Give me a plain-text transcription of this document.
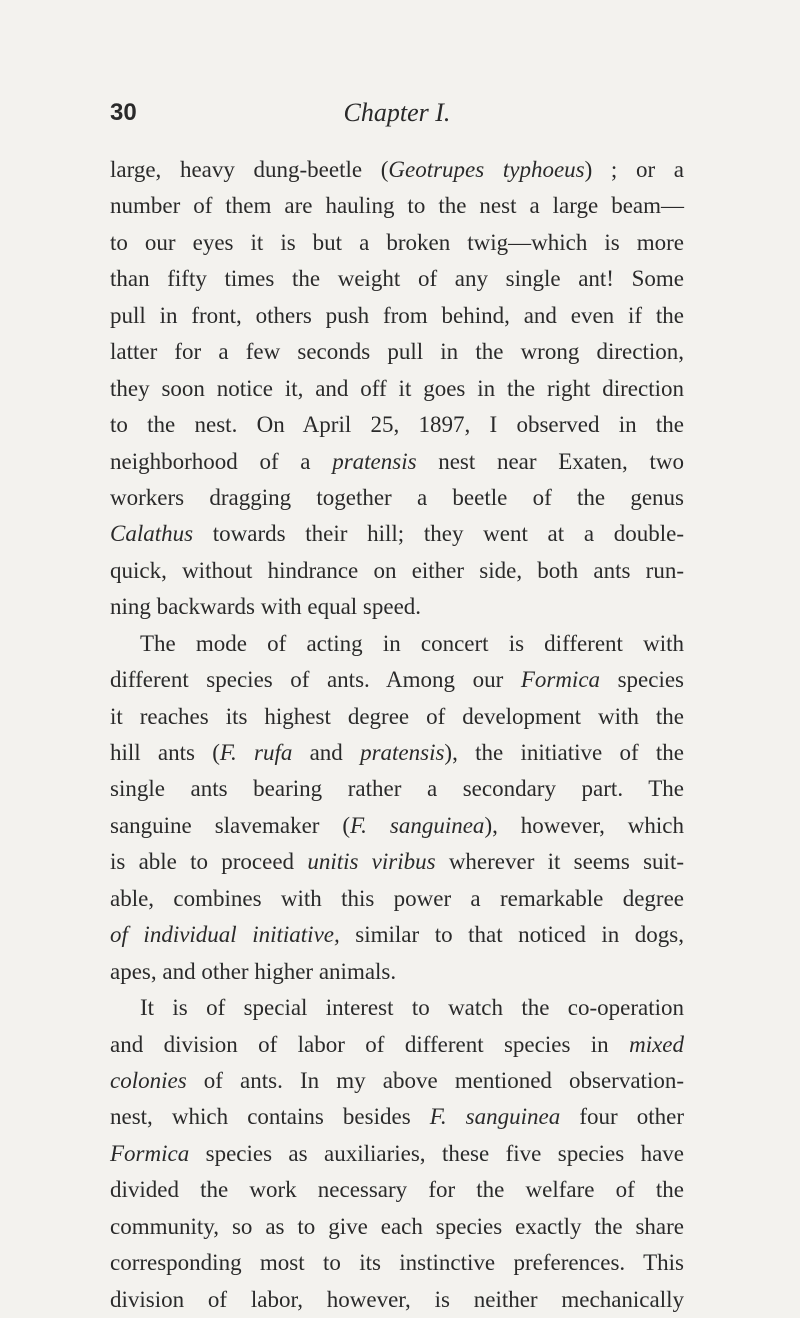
30	Chapter I.
large, heavy dung-beetle (Geotrupes typhoeus) ; or a
number of them are hauling to the nest a large beam—
to our eyes it is but a broken twig—which is more
than fifty times the weight of any single ant! Some
pull in front, others push from behind, and even if the
latter for a few seconds pull in the wrong direction,
they soon notice it, and off it goes in the right direction
to the nest. On April 25, 1897, I observed in the
neighborhood of a pratensis nest near Exaten, two
workers dragging together a beetle of the genus
Calathus towards their hill; they went at a double-
quick, without hindrance on either side, both ants run-
ning backwards with equal speed.
The mode of acting in concert is different with
different species of ants. Among our Formica species
it reaches its highest degree of development with the
hill ants (F. rufa and pratensis), the initiative of the
single ants bearing rather a secondary part. The
sanguine slavemaker (F. sanguinea), however, which
is able to proceed unitis viribus wherever it seems suit-
able, combines with this power a remarkable degree
of individual initiative, similar to that noticed in dogs,
apes, and other higher animals.
It is of special interest to watch the co-operation
and division of labor of different species in mixed
colonies of ants. In my above mentioned observation-
nest, which contains besides F. sanguinea four other
Formica species as auxiliaries, these five species have
divided the work necessary for the welfare of the
community, so as to give each species exactly the share
corresponding most to its instinctive preferences. This
division of labor, however, is neither mechanically
